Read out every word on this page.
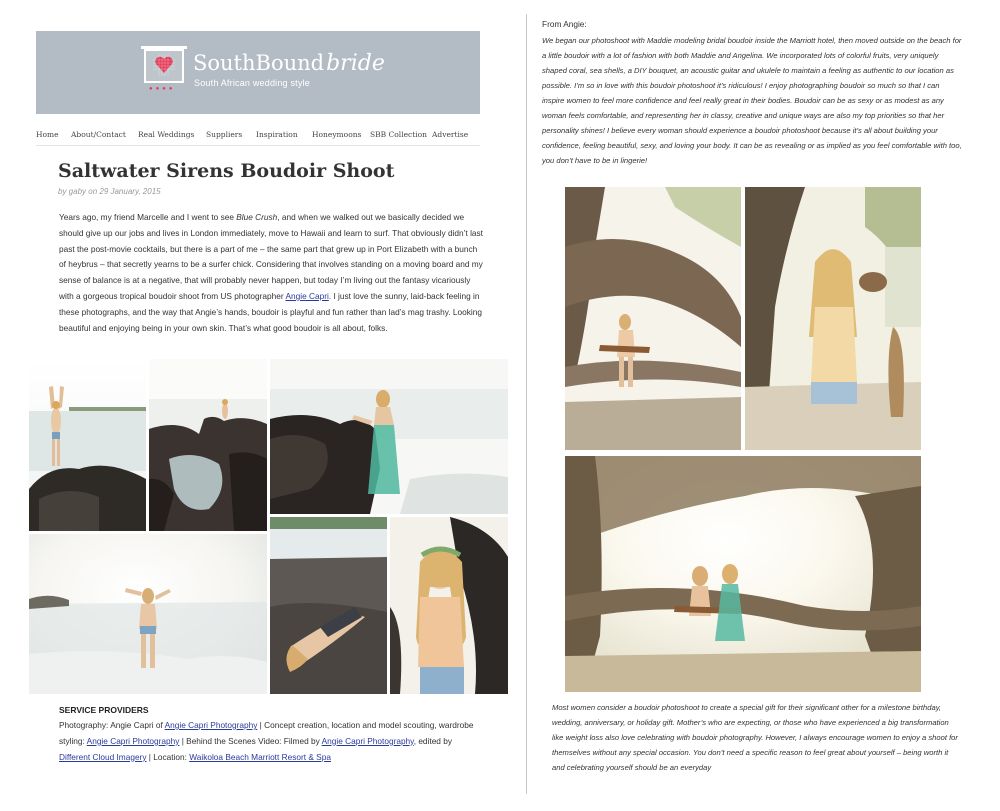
●●●●
SouthBoundbride
South African wedding style
Home About/Contact Real Weddings Suppliers Inspiration Honeymoons SBB Collection Advertise
Saltwater Sirens Boudoir Shoot
by gaby on 29 January, 2015

Years ago, my friend Marcelle and I went to see Blue Crush, and when we walked out we basically decided we should give up our jobs and lives in London immediately, move to Hawaii and learn to surf. That obviously didn’t last past the post-movie cocktails, but there is a part of me – the same part that grew up in Port Elizabeth with a bunch of heybrus – that secretly yearns to be a surfer chick. Considering that involves standing on a moving board and my sense of balance is at a negative, that will probably never happen, but today I’m living out the fantasy vicariously with a gorgeous tropical boudoir shoot from US photographer Angie Capri. I just love the sunny, laid-back feeling in these photographs, and the way that Angie’s hands, boudoir is playful and fun rather than lad’s mag trashy. Looking beautiful and enjoying being in your own skin. That’s what good boudoir is all about, folks.

SERVICE PROVIDERS

Photography: Angie Capri of Angie Capri Photography | Concept creation, location and model scouting, wardrobe styling: Angie Capri Photography | Behind the Scenes Video: Filmed by Angie Capri Photography, edited by Different Cloud Imagery | Location: Waikoloa Beach Marriott Resort & Spa

From Angie:

We began our photoshoot with Maddie modeling bridal boudoir inside the Marriott hotel, then moved outside on the beach for a little boudoir with a lot of fashion with both Maddie and Angelina. We incorporated lots of colorful fruits, very uniquely shaped coral, sea shells, a DIY bouquet, an acoustic guitar and ukulele to maintain a feeling as authentic to our location as possible. I’m so in love with this boudoir photoshoot it’s ridiculous! I enjoy photographing boudoir so much so that I can inspire women to feel more confidence and feel really great in their bodies. Boudoir can be as sexy or as modest as any woman feels comfortable, and representing her in classy, creative and unique ways are also my top priorities so that her personality shines! I believe every woman should experience a boudoir photoshoot because it’s all about building your confidence, feeling beautiful, sexy, and loving your body. It can be as revealing or as implied as you feel comfortable with too, you don’t have to be in lingerie!

Most women consider a boudoir photoshoot to create a special gift for their significant other for a milestone birthday, wedding, anniversary, or holiday gift. Mother’s who are expecting, or those who have experienced a big transformation like weight loss also love celebrating with boudoir photography. However, I always encourage women to enjoy a shoot for themselves without any special occasion. You don’t need a specific reason to feel great about yourself – being worth it and celebrating yourself should be an everyday
